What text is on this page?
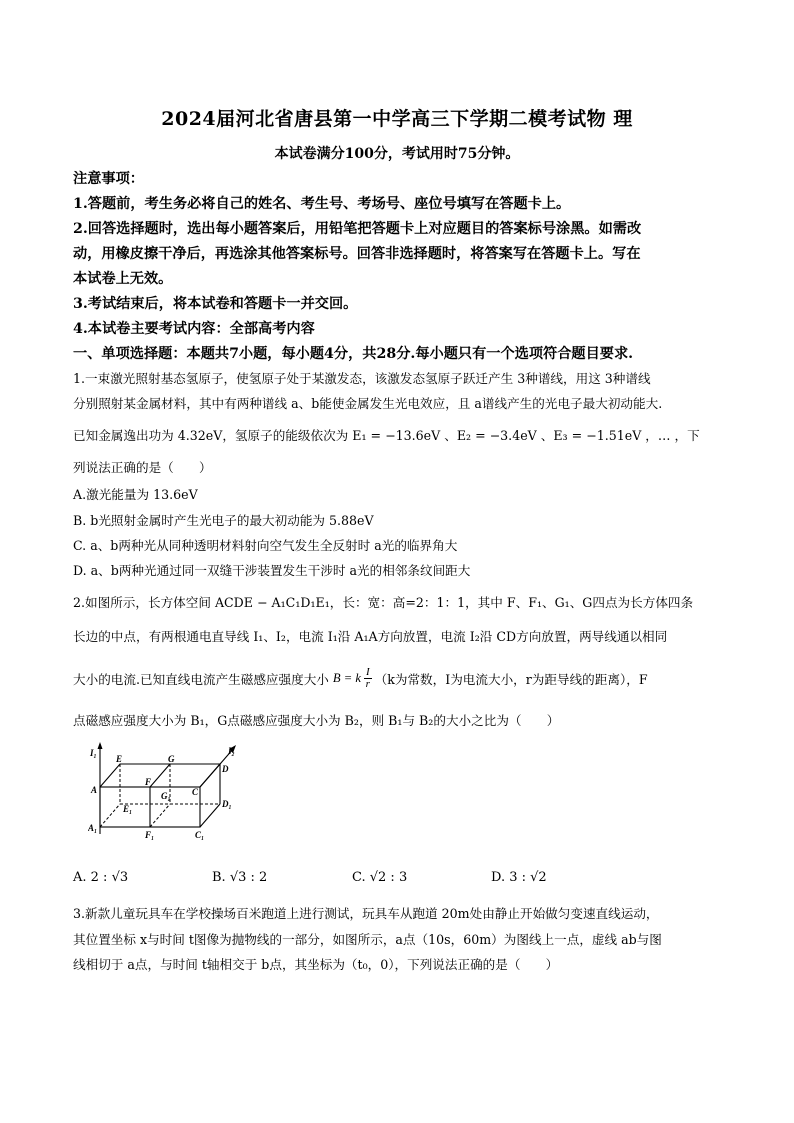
2024届河北省唐县第一中学高三下学期二模考试物 理
本试卷满分100分，考试用时75分钟。
注意事项：
1.答题前，考生务必将自己的姓名、考生号、考场号、座位号填写在答题卡上。
2.回答选择题时，选出每小题答案后，用铅笔把答题卡上对应题目的答案标号涂黑。如需改
动，用橡皮擦干净后，再选涂其他答案标号。回答非选择题时，将答案写在答题卡上。写在
本试卷上无效。
3.考试结束后，将本试卷和答题卡一并交回。
4.本试卷主要考试内容：全部高考内容
一、单项选择题：本题共7小题，每小题4分，共28分.每小题只有一个选项符合题目要求.
1.一束激光照射基态氢原子，使氢原子处于某激发态，该激发态氢原子跃迁产生 3种谱线，用这 3种谱线
分别照射某金属材料，其中有两种谱线 a、b能使金属发生光电效应，且 a谱线产生的光电子最大初动能大.
已知金属逸出功为 4.32eV，氢原子的能级依次为 E₁ = −13.6eV 、E₂ = −3.4eV 、E₃ = −1.51eV ，… ，下
列说法正确的是（　　）
A.激光能量为 13.6eV
B. b光照射金属时产生光电子的最大初动能为 5.88eV
C. a、b两种光从同种透明材料射向空气发生全反射时 a光的临界角大
D. a、b两种光通过同一双缝干涉装置发生干涉时 a光的相邻条纹间距大
2.如图所示，长方体空间 ACDE − A₁C₁D₁E₁，长：宽：高=2：1：1，其中 F、F₁、G₁、G四点为长方体四条
长边的中点，有两根通电直导线 I₁、I₂，电流 I₁沿 A₁A方向放置，电流 I₂沿 CD方向放置，两导线通以相同
大小的电流.已知直线电流产生磁感应强度大小 B = k $\frac{I}{r} (k$为常数，I为电流大小，r为距导线的距离），F
点磁感应强度大小为 B₁，G点磁感应强度大小为 B₂，则 B₁与 B₂的大小之比为（　　）
I₁	I₂
E	G
D
F
G₁ C
A
E₁	D₁
A₁
F₁	C₁
A. 2 : √3	B. √3 : 2	C. √2 : 3	D. 3 : √2
3.新款儿童玩具车在学校操场百米跑道上进行测试，玩具车从跑道 20m处由静止开始做匀变速直线运动，
其位置坐标 x与时间 t图像为抛物线的一部分，如图所示，a点（10s，60m）为图线上一点，虚线 ab与图
线相切于 a点，与时间 t轴相交于 b点，其坐标为（t₀，0），下列说法正确的是（　　）
